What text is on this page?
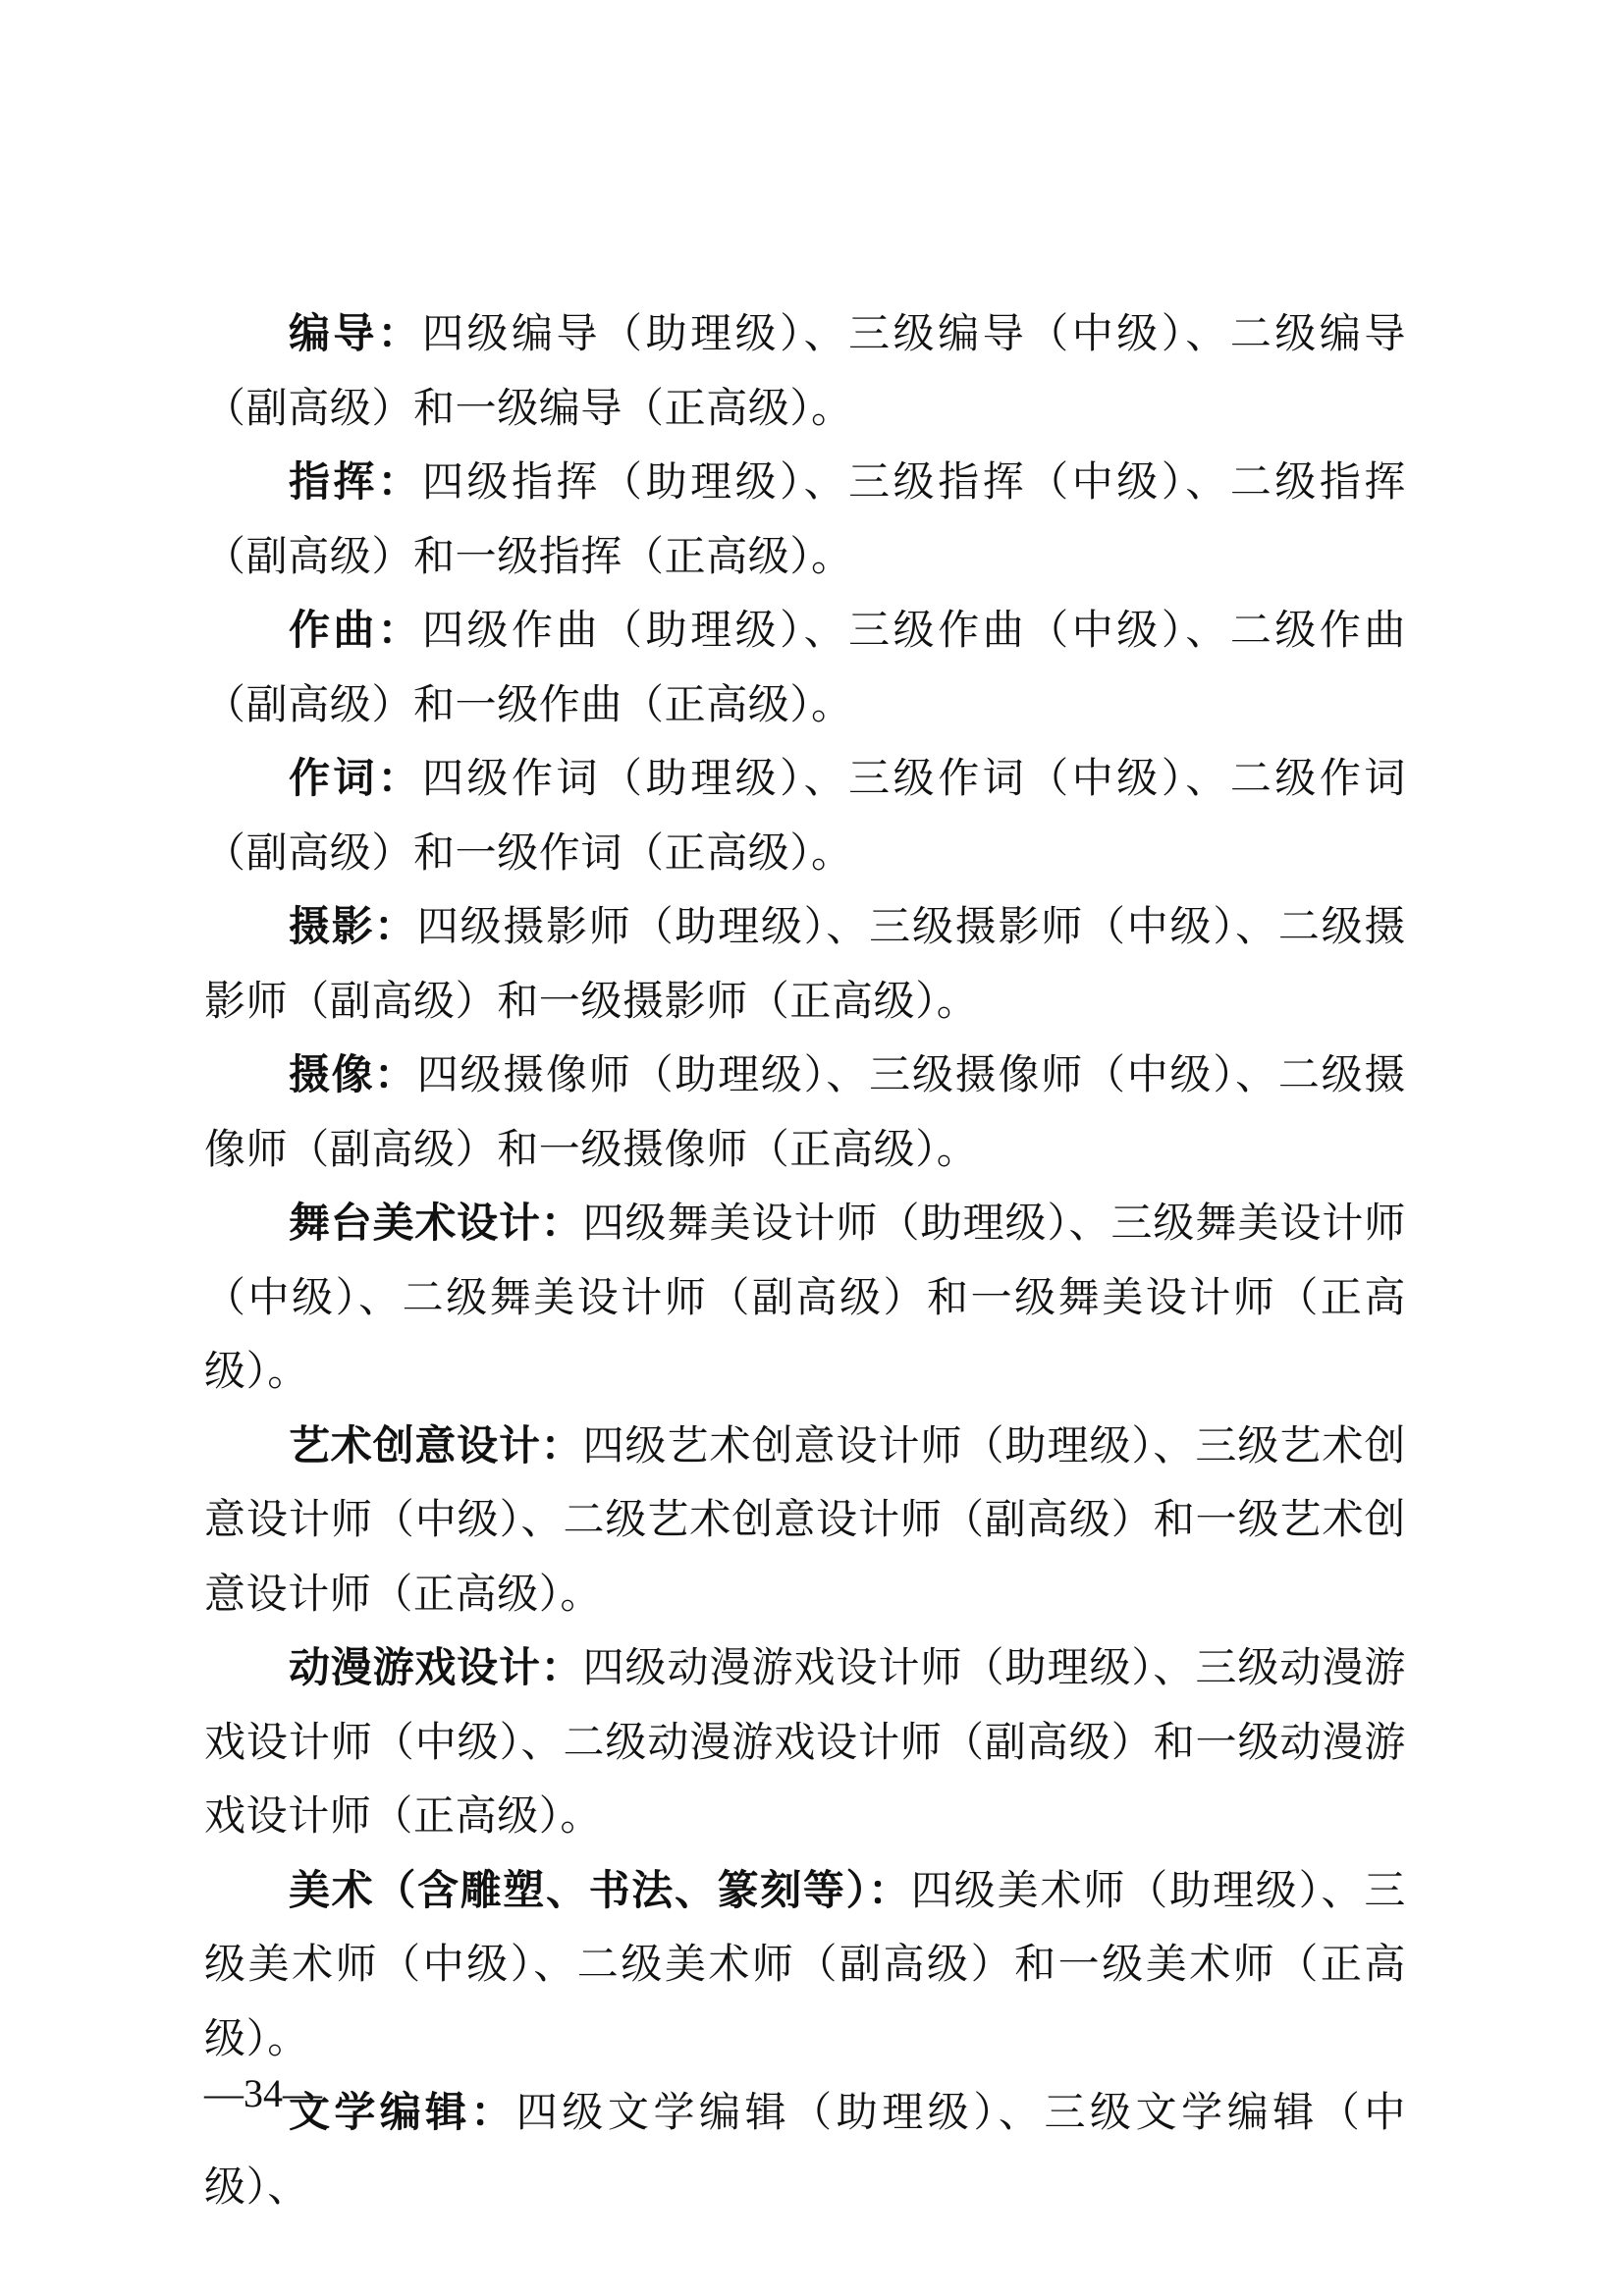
编导：四级编导（助理级）、三级编导（中级）、二级编导（副高级）和一级编导（正高级）。

指挥：四级指挥（助理级）、三级指挥（中级）、二级指挥（副高级）和一级指挥（正高级）。

作曲：四级作曲（助理级）、三级作曲（中级）、二级作曲（副高级）和一级作曲（正高级）。

作词：四级作词（助理级）、三级作词（中级）、二级作词（副高级）和一级作词（正高级）。

摄影：四级摄影师（助理级）、三级摄影师（中级）、二级摄影师（副高级）和一级摄影师（正高级）。

摄像：四级摄像师（助理级）、三级摄像师（中级）、二级摄像师（副高级）和一级摄像师（正高级）。

舞台美术设计：四级舞美设计师（助理级）、三级舞美设计师（中级）、二级舞美设计师（副高级）和一级舞美设计师（正高级）。

艺术创意设计：四级艺术创意设计师（助理级）、三级艺术创意设计师（中级）、二级艺术创意设计师（副高级）和一级艺术创意设计师（正高级）。

动漫游戏设计：四级动漫游戏设计师（助理级）、三级动漫游戏设计师（中级）、二级动漫游戏设计师（副高级）和一级动漫游戏设计师（正高级）。

美术（含雕塑、书法、篆刻等）：四级美术师（助理级）、三级美术师（中级）、二级美术师（副高级）和一级美术师（正高级）。

文学编辑：四级文学编辑（助理级）、三级文学编辑（中级）、

—34—
